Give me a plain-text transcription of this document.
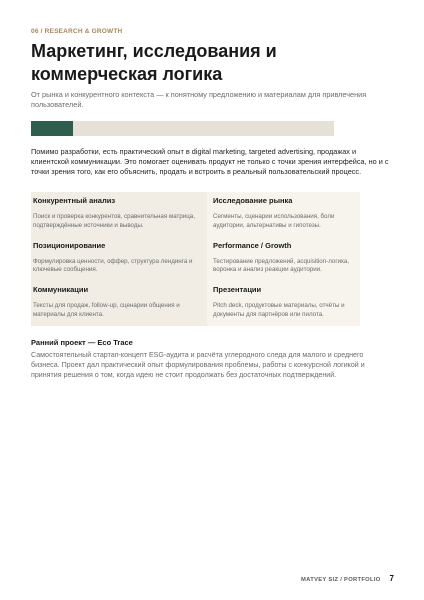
06 / RESEARCH & GROWTH
Маркетинг, исследования и
коммерческая логика
От рынка и конкурентного контекста — к понятному предложению и материалам для привлечения пользователей.
Помимо разработки, есть практический опыт в digital marketing, targeted advertising, продажах и клиентской коммуникации. Это помогает оценивать продукт не только с точки зрения интерфейса, но и с точки зрения того, как его объяснить, продать и встроить в реальный пользовательский процесс.
Конкурентный анализ
Поиск и проверка конкурентов, сравнительная матрица, подтверждённые источники и выводы.
Исследование рынка
Сегменты, сценарии использования, боли аудитории, альтернативы и гипотезы.
Позиционирование
Формулировка ценности, оффер, структура лендинга и ключевые сообщения.
Performance / Growth
Тестирование предложений, acquisition-логика, воронка и анализ реакции аудитории.
Коммуникации
Тексты для продаж, follow-up, сценарии общения и материалы для клиента.
Презентации
Pitch deck, продуктовые материалы, отчёты и документы для партнёров или пилота.
Ранний проект — Eco Trace
Самостоятельный стартап-концепт ESG-аудита и расчёта углеродного следа для малого и среднего бизнеса. Проект дал практический опыт формулирования проблемы, работы с конкурсной логикой и принятия решения о том, когда идею не стоит продолжать без достаточных подтверждений.
MATVEY SIZ / PORTFOLIO 7
